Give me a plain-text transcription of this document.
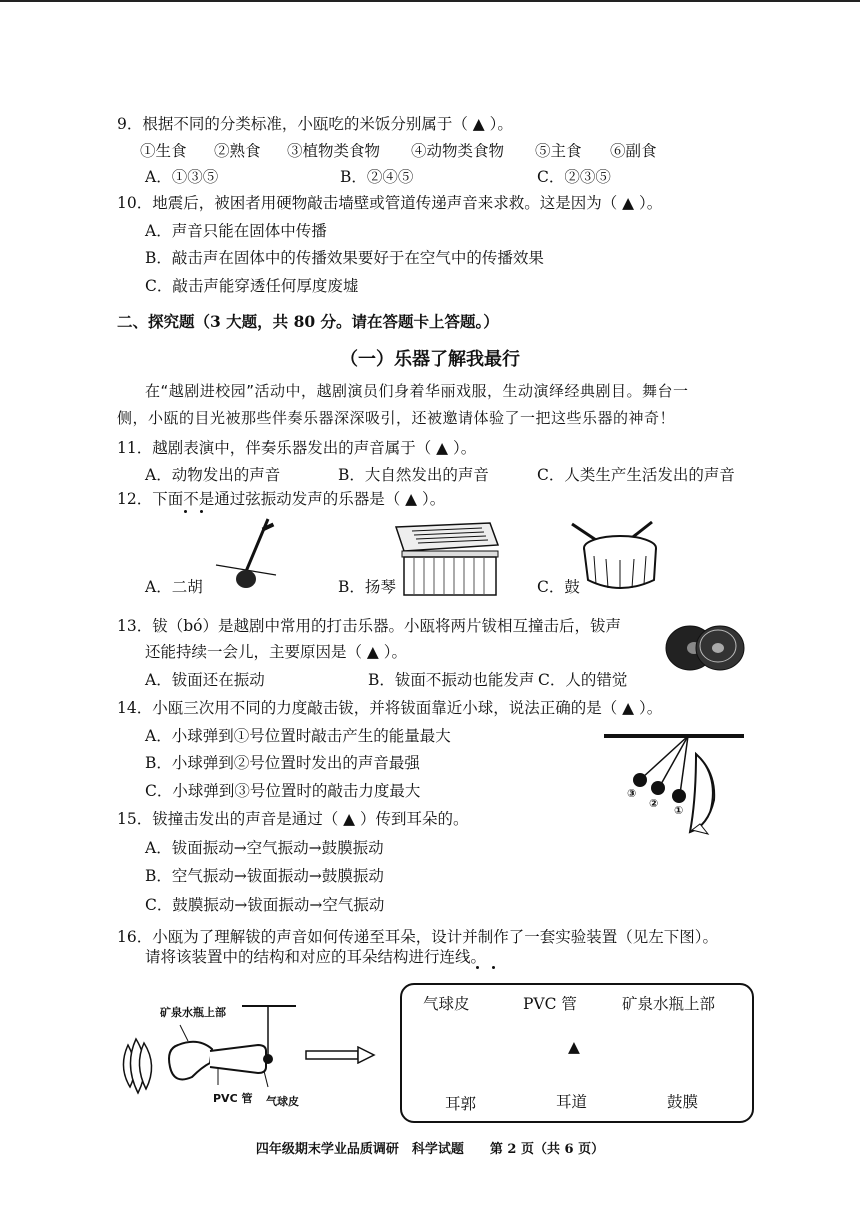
9．根据不同的分类标准，小瓯吃的米饭分别属于（ ▲ ）。
①生食 ②熟食 ③植物类食物 ④动物类食物 ⑤主食 ⑥副食
A．①③⑤	B．②④⑤	C．②③⑤
10．地震后，被困者用硬物敲击墙壁或管道传递声音来求救。这是因为（ ▲ ）。
A．声音只能在固体中传播
B．敲击声在固体中的传播效果要好于在空气中的传播效果
C．敲击声能穿透任何厚度废墟
二、探究题（3 大题，共 80 分。请在答题卡上答题。）
（一）乐器了解我最行
在“越剧进校园”活动中，越剧演员们身着华丽戏服，生动演绎经典剧目。舞台一
侧，小瓯的目光被那些伴奏乐器深深吸引，还被邀请体验了一把这些乐器的神奇！
11．越剧表演中，伴奏乐器发出的声音属于（ ▲ ）。
A．动物发出的声音	B．大自然发出的声音	C．人类生产生活发出的声音
12．下面不是通过弦振动发声的乐器是（ ▲ ）。
A．二胡	B．扬琴	C．鼓
13．钹（bó）是越剧中常用的打击乐器。小瓯将两片钹相互撞击后，钹声
还能持续一会儿，主要原因是（ ▲ ）。
A．钹面还在振动	B．钹面不振动也能发声 C．人的错觉
14．小瓯三次用不同的力度敲击钹，并将钹面靠近小球，说法正确的是（ ▲ ）。
A．小球弹到①号位置时敲击产生的能量最大
B．小球弹到②号位置时发出的声音最强
C．小球弹到③号位置时的敲击力度最大	③
②
①
15．钹撞击发出的声音是通过（ ▲ ）传到耳朵的。
A．钹面振动→空气振动→鼓膜振动
B．空气振动→钹面振动→鼓膜振动
C．鼓膜振动→钹面振动→空气振动
16．小瓯为了理解钹的声音如何传递至耳朵，设计并制作了一套实验装置（见左下图）。
请将该装置中的结构和对应的耳朵结构进行连线。
矿泉水瓶上部
PVC 管 气球皮
气球皮	PVC 管	矿泉水瓶上部
▲
耳郭	耳道	鼓膜
四年级期末学业品质调研　科学试题　　第 2 页（共 6 页）
